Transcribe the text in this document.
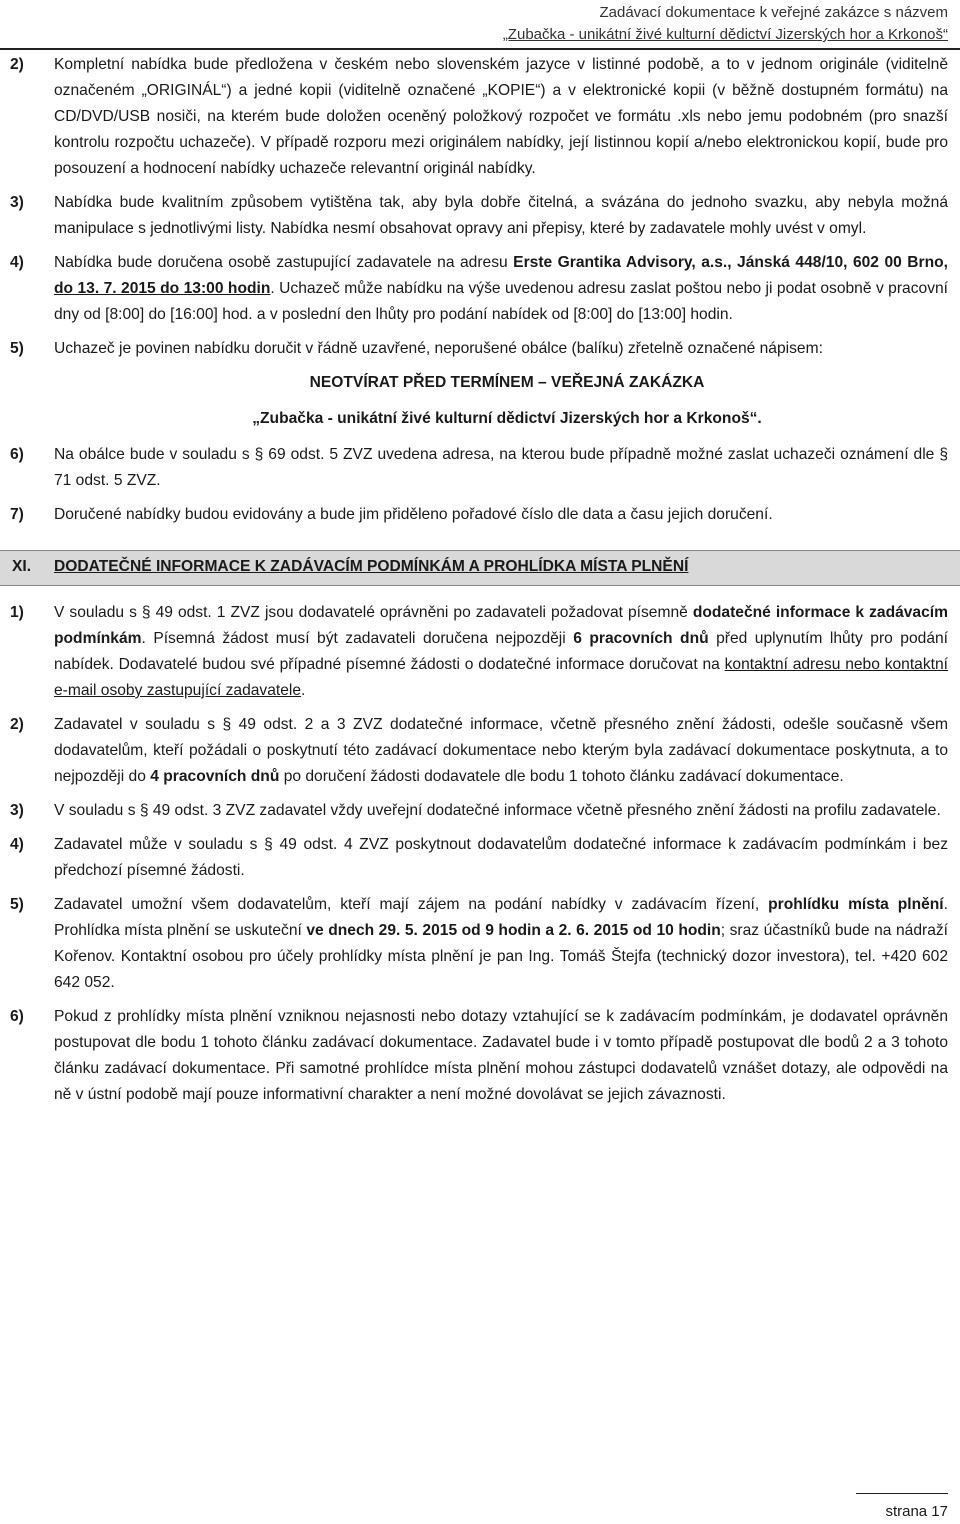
Zadávací dokumentace k veřejné zakázce s názvem
„Zubačka - unikátní živé kulturní dědictví Jizerských hor a Krkonoš“
2) Kompletní nabídka bude předložena v českém nebo slovenském jazyce v listinné podobě, a to v jednom originále (viditelně označeném „ORIGINÁL“) a jedné kopii (viditelně označené „KOPIE“) a v elektronické kopii (v běžně dostupném formátu) na CD/DVD/USB nosiči, na kterém bude doložen oceněný položkový rozpočet ve formátu .xls nebo jemu podobném (pro snazší kontrolu rozpočtu uchazeče). V případě rozporu mezi originálem nabídky, její listinnou kopií a/nebo elektronickou kopií, bude pro posouzení a hodnocení nabídky uchazeče relevantní originál nabídky.
3) Nabídka bude kvalitním způsobem vytištěna tak, aby byla dobře čitelná, a svázána do jednoho svazku, aby nebyla možná manipulace s jednotlivými listy. Nabídka nesmí obsahovat opravy ani přepisy, které by zadavatele mohly uvést v omyl.
4) Nabídka bude doručena osobě zastupující zadavatele na adresu Erste Grantika Advisory, a.s., Jánská 448/10, 602 00 Brno, do 13. 7. 2015 do 13:00 hodin. Uchazeč může nabídku na výše uvedenou adresu zaslat poštou nebo ji podat osobně v pracovní dny od [8:00] do [16:00] hod. a v poslední den lhůty pro podání nabídek od [8:00] do [13:00] hodin.
5) Uchazeč je povinen nabídku doručit v řádně uzavřené, neporušené obálce (balíku) zřetelně označené nápisem:
NEOTVÍRAT PŘED TERMÍNEM – VEŘEJNÁ ZAKÁZKA
„Zubačka - unikátní živé kulturní dědictví Jizerských hor a Krkonoš“.
6) Na obálce bude v souladu s § 69 odst. 5 ZVZ uvedena adresa, na kterou bude případně možné zaslat uchazeči oznámení dle § 71 odst. 5 ZVZ.
7) Doručené nabídky budou evidovány a bude jim přiděleno pořadové číslo dle data a času jejich doručení.
XI. DODATEČNÉ INFORMACE K ZADÁVACÍM PODMÍNKÁM A PROHLÍDKA MÍSTA PLNĚNÍ
1) V souladu s § 49 odst. 1 ZVZ jsou dodavatelé oprávněni po zadavateli požadovat písemně dodatečné informace k zadávacím podmínkám. Písemná žádost musí být zadavateli doručena nejpozději 6 pracovních dnů před uplynutím lhůty pro podání nabídek. Dodavatelé budou své případné písemné žádosti o dodatečné informace doručovat na kontaktní adresu nebo kontaktní e-mail osoby zastupující zadavatele.
2) Zadavatel v souladu s § 49 odst. 2 a 3 ZVZ dodatečné informace, včetně přesného znění žádosti, odešle současně všem dodavatelům, kteří požádali o poskytnutí této zadávací dokumentace nebo kterým byla zadávací dokumentace poskytnuta, a to nejpozději do 4 pracovních dnů po doručení žádosti dodavatele dle bodu 1 tohoto článku zadávací dokumentace.
3) V souladu s § 49 odst. 3 ZVZ zadavatel vždy uveřejní dodatečné informace včetně přesného znění žádosti na profilu zadavatele.
4) Zadavatel může v souladu s § 49 odst. 4 ZVZ poskytnout dodavatelům dodatečné informace k zadávacím podmínkám i bez předchozí písemné žádosti.
5) Zadavatel umožní všem dodavatelům, kteří mají zájem na podání nabídky v zadávacím řízení, prohlídku místa plnění. Prohlídka místa plnění se uskuteční ve dnech 29. 5. 2015 od 9 hodin a 2. 6. 2015 od 10 hodin; sraz účastníků bude na nádraží Kořenov. Kontaktní osobou pro účely prohlídky místa plnění je pan Ing. Tomáš Štejfa (technický dozor investora), tel. +420 602 642 052.
6) Pokud z prohlídky místa plnění vzniknou nejasnosti nebo dotazy vztahující se k zadávacím podmínkám, je dodavatel oprávněn postupovat dle bodu 1 tohoto článku zadávací dokumentace. Zadavatel bude i v tomto případě postupovat dle bodů 2 a 3 tohoto článku zadávací dokumentace. Při samotné prohlídce místa plnění mohou zástupci dodavatelů vznášet dotazy, ale odpovědi na ně v ústní podobě mají pouze informativní charakter a není možné dovolávat se jejich závaznosti.
strana 17
